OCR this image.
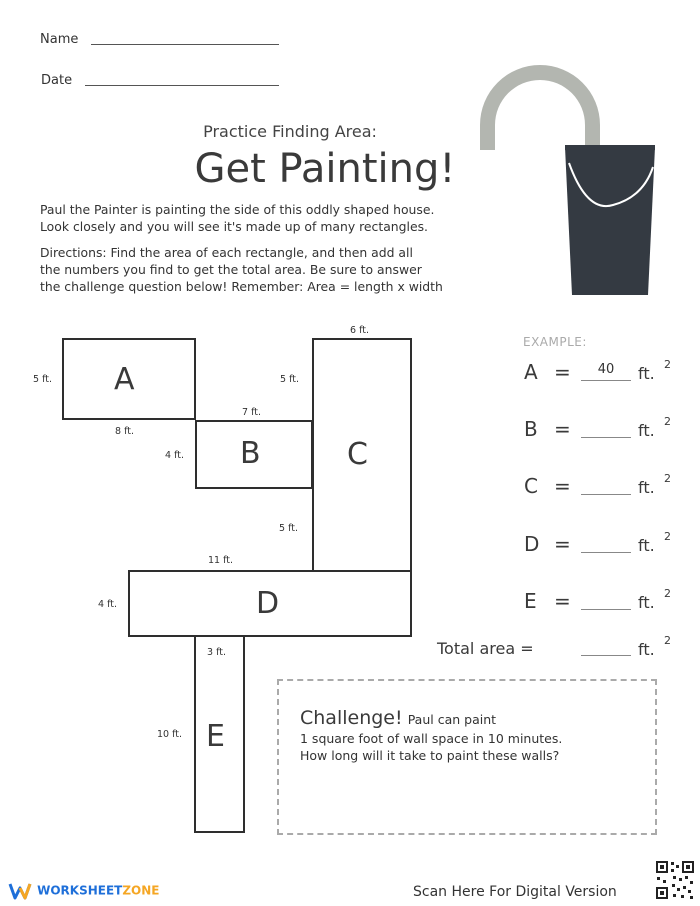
Name
Date
Practice Finding Area:
Get Painting!
Paul the Painter is painting the side of this oddly shaped house.
Look closely and you will see it's made up of many rectangles.
Directions: Find the area of each rectangle, and then add all
the numbers you find to get the total area. Be sure to answer
the challenge question below! Remember: Area = length x width
A
B	C
D
E
5 ft.
8 ft.
4 ft.
7 ft.
6 ft.
5 ft.
5 ft.
11 ft.
4 ft.
3 ft.
10 ft.
EXAMPLE:
A =	40	ft. 2
B =	ft. 2
C =	ft. 2
D =	ft. 2
E =	ft. 2
Total area =	ft. 2
Challenge! Paul can paint
1 square foot of wall space in 10 minutes.
How long will it take to paint these walls?
WORKSHEETZONE	Scan Here For Digital Version
